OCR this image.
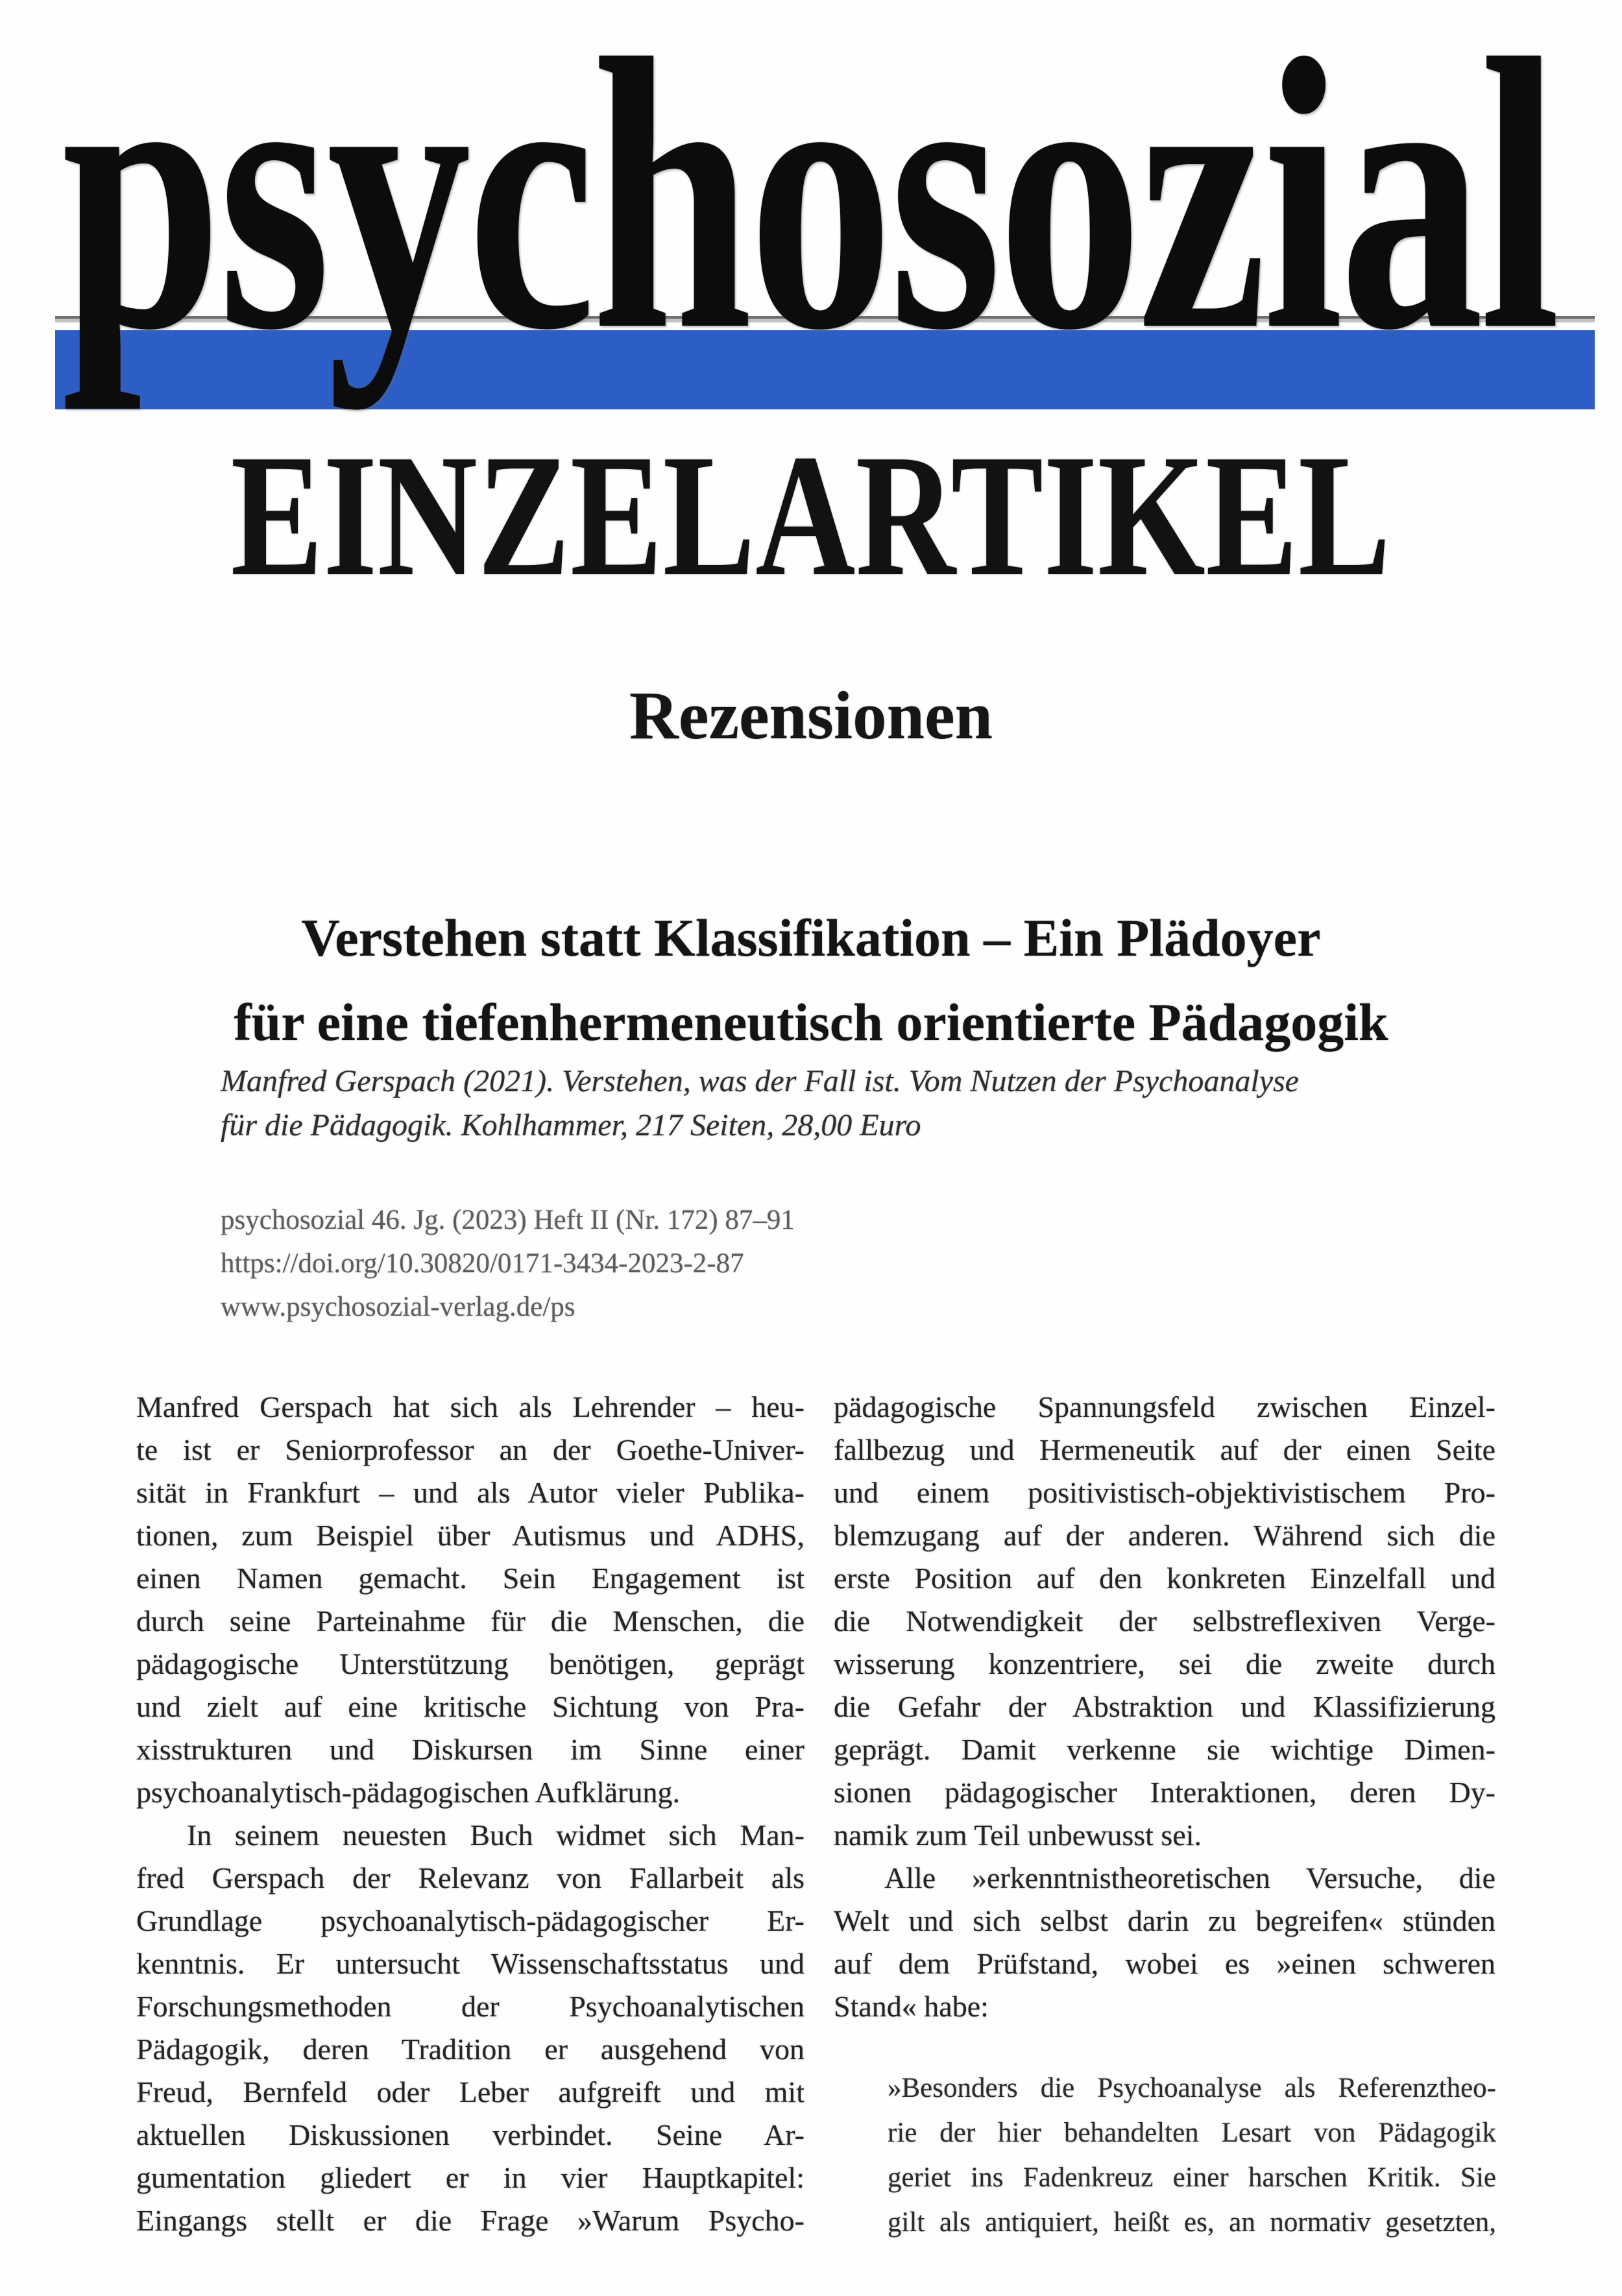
psychosozial
EINZELARTIKEL
Rezensionen
Verstehen statt Klassifikation – Ein Plädoyer
für eine tiefenhermeneutisch orientierte Pädagogik
Manfred Gerspach (2021). Verstehen, was der Fall ist. Vom Nutzen der Psychoanalyse
für die Pädagogik. Kohlhammer, 217 Seiten, 28,00 Euro
psychosozial 46. Jg. (2023) Heft II (Nr. 172) 87–91
https://doi.org/10.30820/0171-3434-2023-2-87
www.psychosozial-verlag.de/ps
Manfred Gerspach hat sich als Lehrender – heu-
te ist er Seniorprofessor an der Goethe-Univer-
sität in Frankfurt – und als Autor vieler Publika-
tionen, zum Beispiel über Autismus und ADHS,
einen Namen gemacht. Sein Engagement ist
durch seine Parteinahme für die Menschen, die
pädagogische Unterstützung benötigen, geprägt
und zielt auf eine kritische Sichtung von Pra-
xisstrukturen und Diskursen im Sinne einer
psychoanalytisch-pädagogischen Aufklärung.
In seinem neuesten Buch widmet sich Man-
fred Gerspach der Relevanz von Fallarbeit als
Grundlage psychoanalytisch-pädagogischer Er-
kenntnis. Er untersucht Wissenschaftsstatus und
Forschungsmethoden der Psychoanalytischen
Pädagogik, deren Tradition er ausgehend von
Freud, Bernfeld oder Leber aufgreift und mit
aktuellen Diskussionen verbindet. Seine Ar-
gumentation gliedert er in vier Hauptkapitel:
Eingangs stellt er die Frage »Warum Psycho-
pädagogische Spannungsfeld zwischen Einzel-
fallbezug und Hermeneutik auf der einen Seite
und einem positivistisch-objektivistischem Pro-
blemzugang auf der anderen. Während sich die
erste Position auf den konkreten Einzelfall und
die Notwendigkeit der selbstreflexiven Verge-
wisserung konzentriere, sei die zweite durch
die Gefahr der Abstraktion und Klassifizierung
geprägt. Damit verkenne sie wichtige Dimen-
sionen pädagogischer Interaktionen, deren Dy-
namik zum Teil unbewusst sei.
Alle »erkenntnistheoretischen Versuche, die
Welt und sich selbst darin zu begreifen« stünden
auf dem Prüfstand, wobei es »einen schweren
Stand« habe:
»Besonders die Psychoanalyse als Referenztheo-
rie der hier behandelten Lesart von Pädagogik
geriet ins Fadenkreuz einer harschen Kritik. Sie
gilt als antiquiert, heißt es, an normativ gesetzten,
